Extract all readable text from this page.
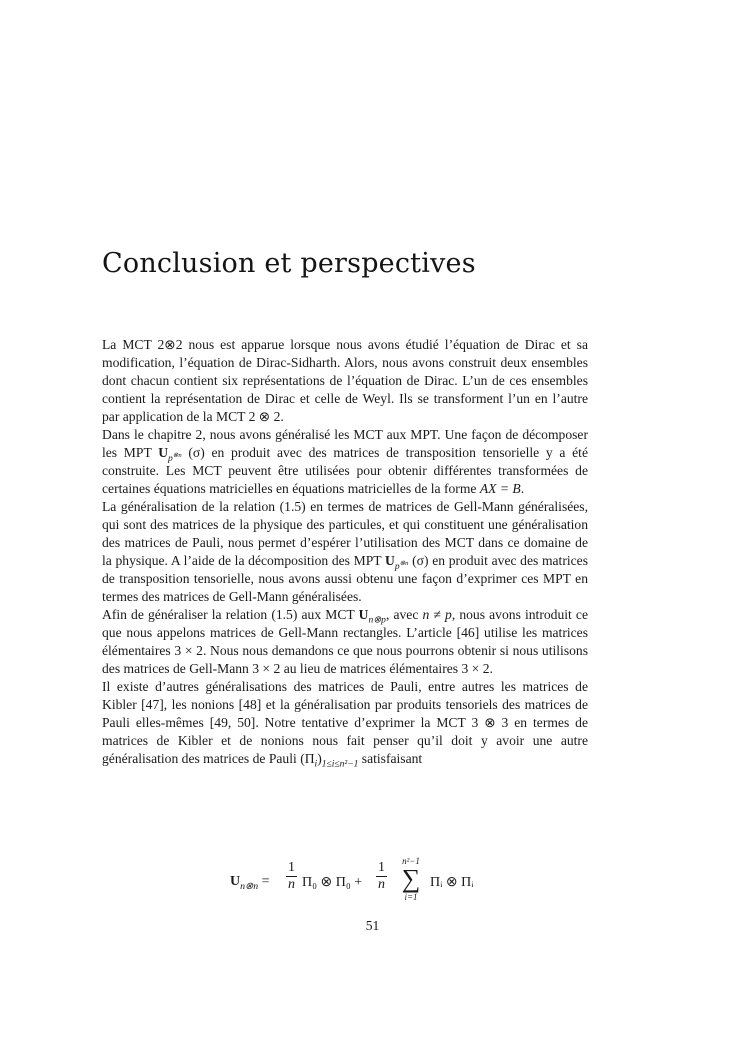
Conclusion et perspectives

La MCT 2⊗2 nous est apparue lorsque nous avons étudié l’équation de Dirac et sa modification, l’équation de Dirac-Sidharth. Alors, nous avons construit deux ensembles dont chacun contient six représentations de l’équation de Dirac. L’un de ces ensembles contient la représentation de Dirac et celle de Weyl. Ils se transforment l’un en l’autre par application de la MCT 2 ⊗ 2.

Dans le chapitre 2, nous avons généralisé les MCT aux MPT. Une façon de décomposer les MPT $U_{p^{\otimes n}}$ (σ) en produit avec des matrices de transposition tensorielle y a été construite. Les MCT peuvent être utilisées pour obtenir différentes transformées de certaines équations matricielles en équations matricielles de la forme AX = B.

La généralisation de la relation (1.5) en termes de matrices de Gell-Mann généralisées, qui sont des matrices de la physique des particules, et qui constituent une généralisation des matrices de Pauli, nous permet d’espérer l’utilisation des MCT dans ce domaine de la physique. A l’aide de la décomposition des MPT $U_{p^{\otimes n}}$ (σ) en produit avec des matrices de transposition tensorielle, nous avons aussi obtenu une façon d’exprimer ces MPT en termes des matrices de Gell-Mann généralisées.

Afin de généraliser la relation (1.5) aux MCT $U_{n\otimes p}$, avec n ≠ p, nous avons introduit ce que nous appelons matrices de Gell-Mann rectangles. L’article [46] utilise les matrices élémentaires 3 × 2. Nous nous demandons ce que nous pourrons obtenir si nous utilisons des matrices de Gell-Mann 3 × 2 au lieu de matrices élémentaires 3 × 2.

Il existe d’autres généralisations des matrices de Pauli, entre autres les matrices de Kibler [47], les nonions [48] et la généralisation par produits tensoriels des matrices de Pauli elles-mêmes [49, 50]. Notre tentative d’exprimer la MCT 3 ⊗ 3 en termes de matrices de Kibler et de nonions nous fait penser qu’il doit y avoir une autre généralisation des matrices de Pauli $(\Pi_i)_{1\le i\le n^2-1}$ satisfaisant

$U_{n\otimes n} = \frac{1}{n} \Pi_0$ ⊗ $\Pi_0 + \frac{1}{n}$	n²−1
∑
i=1
Πᵢ ⊗ Πᵢ
51
